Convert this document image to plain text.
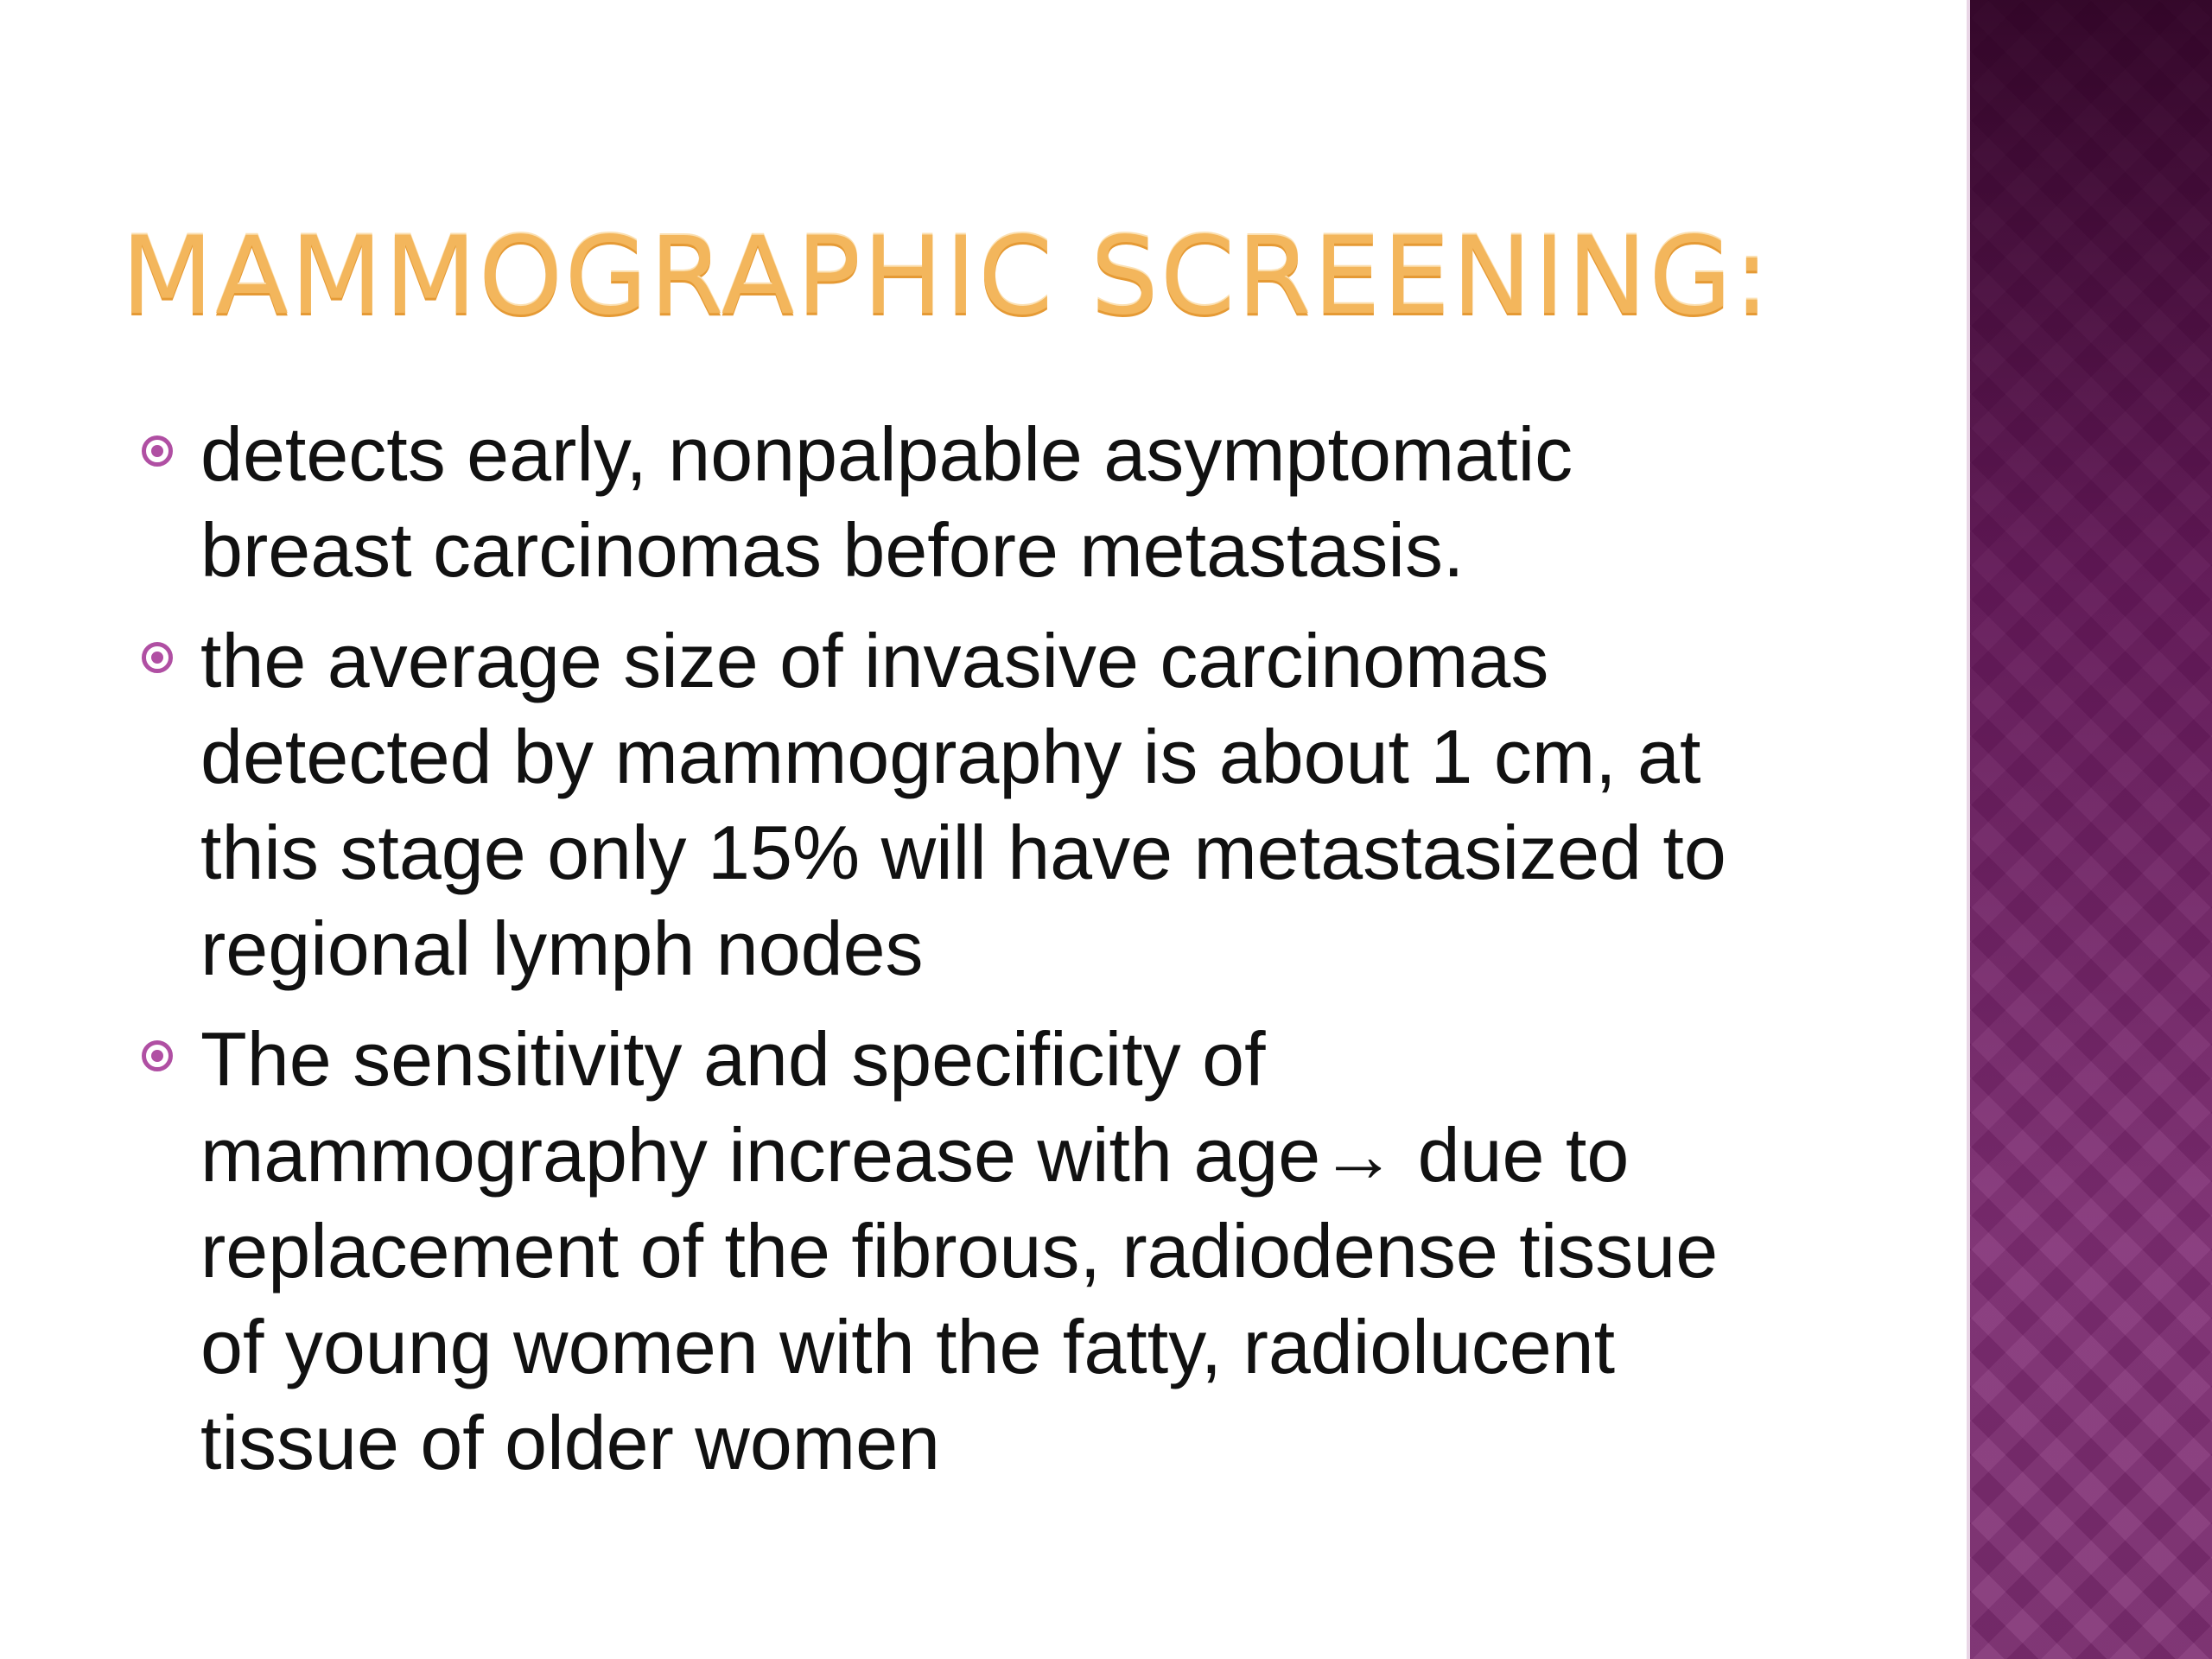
MAMMOGRAPHIC SCREENING:
detects early, nonpalpable asymptomatic
breast carcinomas before metastasis.
the average size of invasive carcinomas
detected by mammography is about 1 cm, at
this stage only 15% will have metastasized to
regional lymph nodes
The sensitivity and specificity of
mammography increase with age→ due to
replacement of the fibrous, radiodense tissue
of young women with the fatty, radiolucent
tissue of older women
